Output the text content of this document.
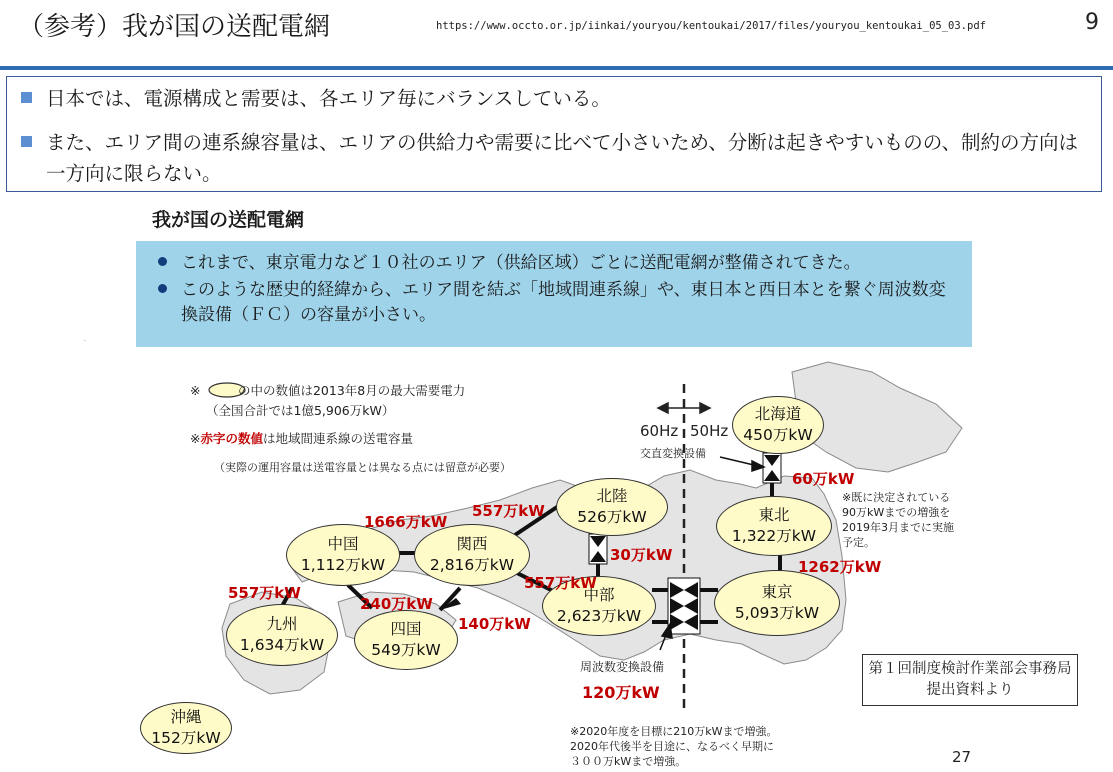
（参考）我が国の送配電網	https://www.occto.or.jp/iinkai/youryou/kentoukai/2017/files/youryou_kentoukai_05_03.pdf	9
日本では、電源構成と需要は、各エリア毎にバランスしている。
また、エリア間の連系線容量は、エリアの供給力や需要に比べて小さいため、分断は起きやすいものの、制約の方向は一方向に限らない。
我が国の送配電網
これまで、東京電力など１０社のエリア（供給区域）ごとに送配電網が整備されてきた。
このような歴史的経緯から、エリア間を結ぶ「地域間連系線」や、東日本と西日本とを繋ぐ周波数変換設備（ＦＣ）の容量が小さい。
.
※　　　の中の数値は2013年8月の最大需要電力
（全国合計では1億5,906万kW）
※赤字の数値は地域間連系線の送電容量
（実際の運用容量は送電容量とは異なる点には留意が必要）
60Hz 50Hz
交直変換設備
※既に決定されている90万kWまでの増強を2019年3月までに実施予定。
北海道
450万kW
東北
1,322万kW
東京
5,093万kW
中部
2,623万kW
北陸
526万kW
関西
2,816万kW
中国
1,112万kW
四国
549万kW
九州
1,634万kW
沖縄
152万kW
60万kW
1262万kW
30万kW
557万kW
1666万kW
557万kW
140万kW
240万kW
557万kW
周波数変換設備
120万kW
※2020年度を目標に210万kWまで増強。2020年代後半を目途に、なるべく早期に３００万kWまで増強。
第１回制度検討作業部会事務局提出資料より
27
